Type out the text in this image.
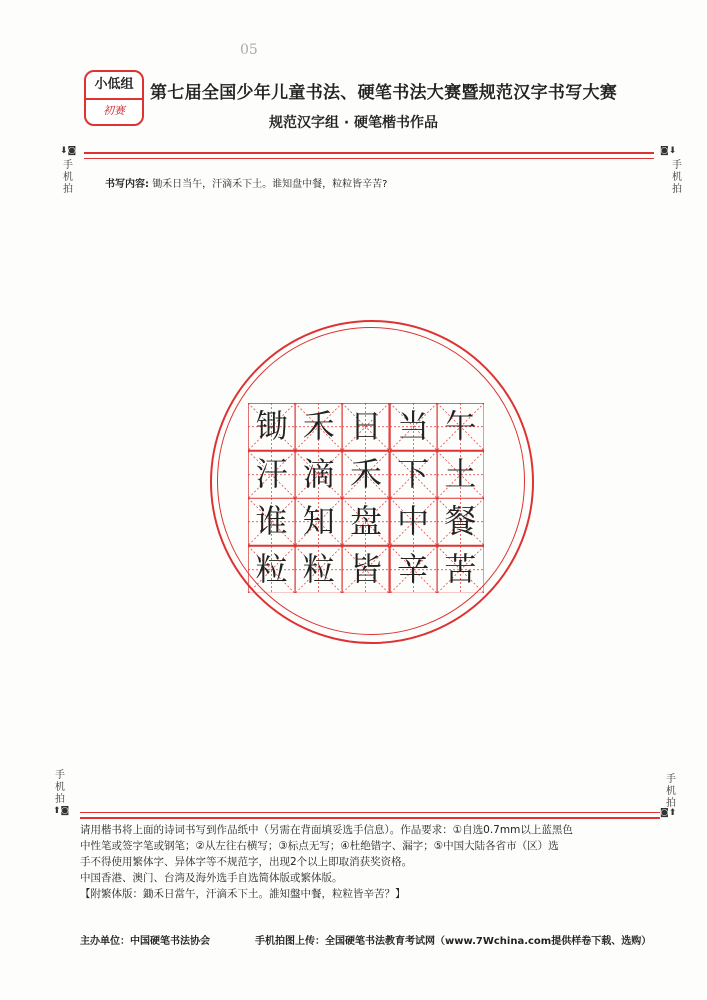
05
小低组
初赛
第七届全国少年儿童书法、硬笔书法大赛暨规范汉字书写大赛
规范汉字组 · 硬笔楷书作品
⬇◙
手机拍
◙⬇
手机拍
书写内容: 锄禾日当午，汗滴禾下土。谁知盘中餐，粒粒皆辛苦?
锄 禾 日 当 午
汗 滴 禾 下 土
谁 知 盘 中 餐
粒 粒 皆 辛 苦
手机拍
⬆◙
手机拍
◙⬆

请用楷书将上面的诗词书写到作品纸中（另需在背面填妥选手信息）。作品要求：①自选0.7mm以上蓝黑色

中性笔或签字笔或钢笔；②从左往右横写；③标点无写；④杜绝错字、漏字；⑤中国大陆各省市（区）选

手不得使用繁体字、异体字等不规范字，出现2个以上即取消获奖资格。

中国香港、澳门、台湾及海外选手自选简体版或繁体版。

【附繁体版：鋤禾日當午，汗滴禾下土。誰知盤中餐，粒粒皆辛苦？】

主办单位：中国硬笔书法协会	手机拍图上传：全国硬笔书法教育考试网（www.7Wchina.com提供样卷下载、选购）
